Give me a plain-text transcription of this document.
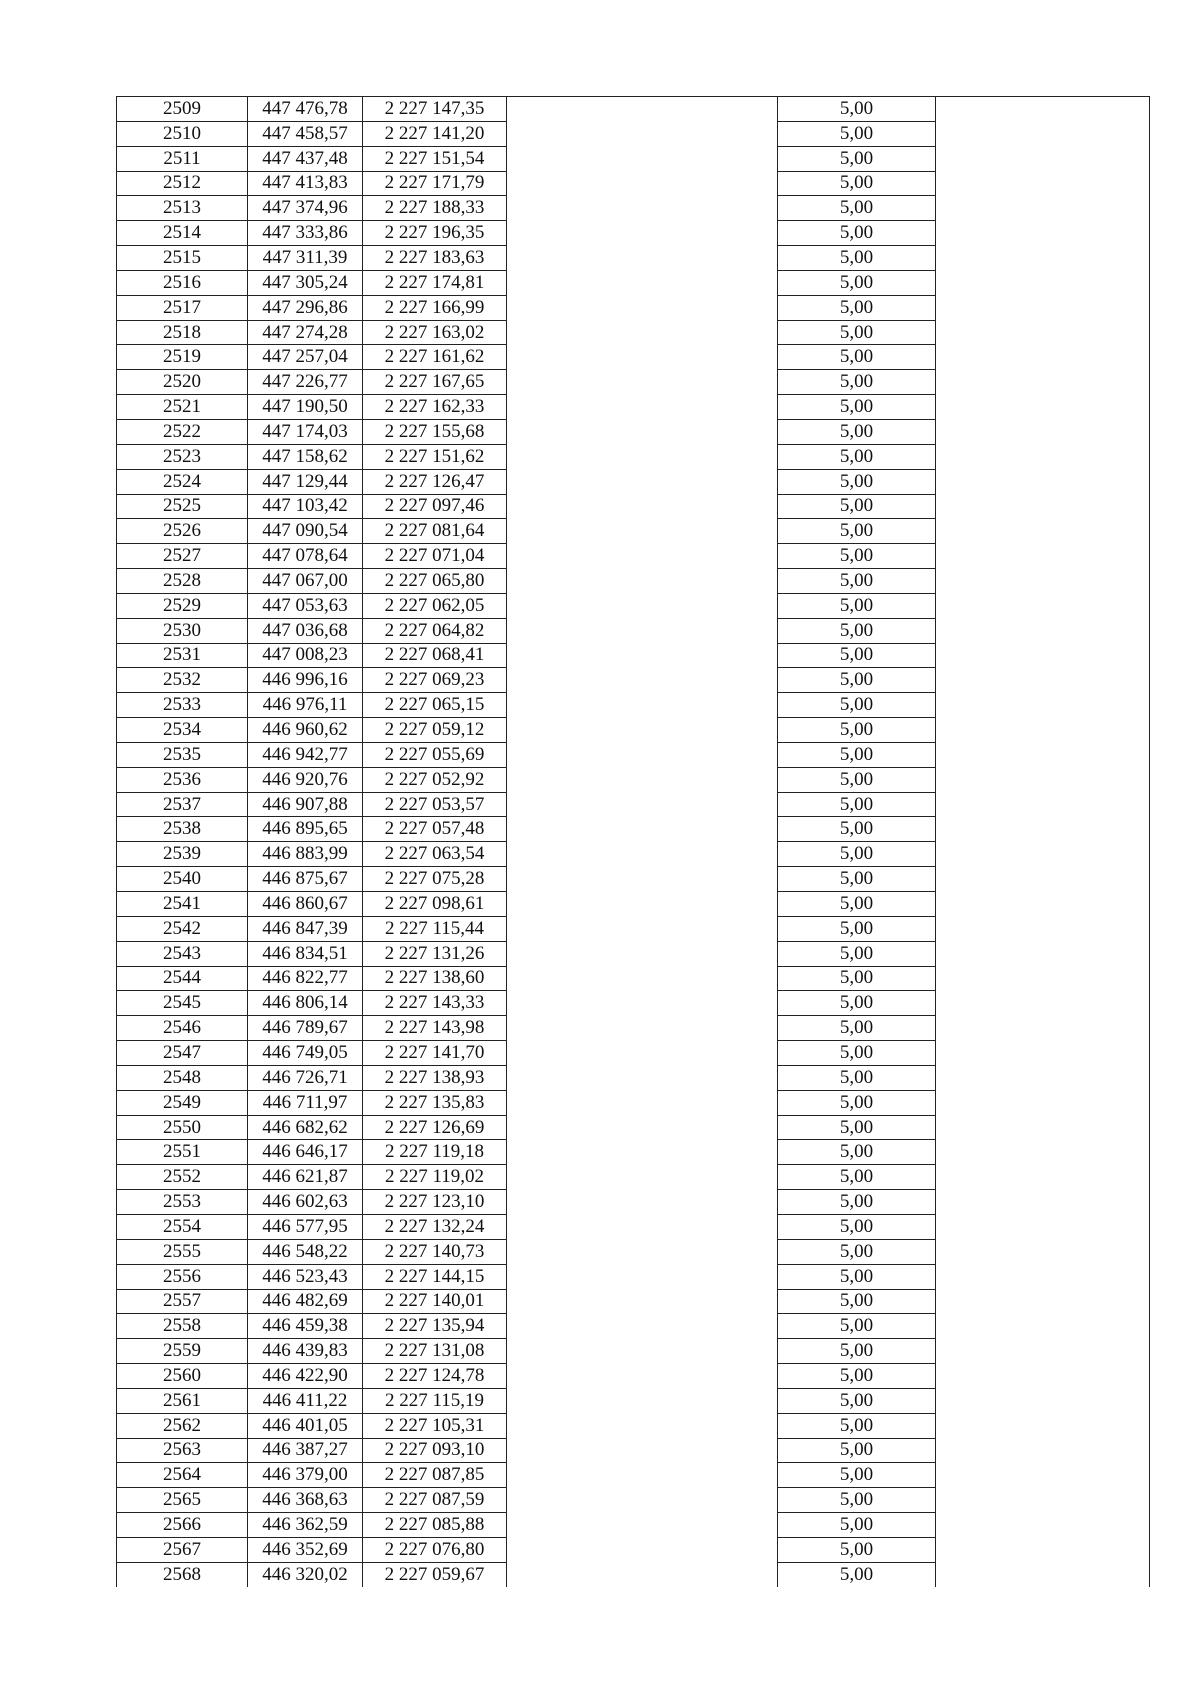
2509	447 476,78	2 227 147,35		5,00	
2510	447 458,57	2 227 141,20		5,00	
2511	447 437,48	2 227 151,54		5,00	
2512	447 413,83	2 227 171,79		5,00	
2513	447 374,96	2 227 188,33		5,00	
2514	447 333,86	2 227 196,35		5,00	
2515	447 311,39	2 227 183,63		5,00	
2516	447 305,24	2 227 174,81		5,00	
2517	447 296,86	2 227 166,99		5,00	
2518	447 274,28	2 227 163,02		5,00	
2519	447 257,04	2 227 161,62		5,00	
2520	447 226,77	2 227 167,65		5,00	
2521	447 190,50	2 227 162,33		5,00	
2522	447 174,03	2 227 155,68		5,00	
2523	447 158,62	2 227 151,62		5,00	
2524	447 129,44	2 227 126,47		5,00	
2525	447 103,42	2 227 097,46		5,00	
2526	447 090,54	2 227 081,64		5,00	
2527	447 078,64	2 227 071,04		5,00	
2528	447 067,00	2 227 065,80		5,00	
2529	447 053,63	2 227 062,05		5,00	
2530	447 036,68	2 227 064,82		5,00	
2531	447 008,23	2 227 068,41		5,00	
2532	446 996,16	2 227 069,23		5,00	
2533	446 976,11	2 227 065,15		5,00	
2534	446 960,62	2 227 059,12		5,00	
2535	446 942,77	2 227 055,69		5,00	
2536	446 920,76	2 227 052,92		5,00	
2537	446 907,88	2 227 053,57		5,00	
2538	446 895,65	2 227 057,48		5,00	
2539	446 883,99	2 227 063,54		5,00	
2540	446 875,67	2 227 075,28		5,00	
2541	446 860,67	2 227 098,61		5,00	
2542	446 847,39	2 227 115,44		5,00	
2543	446 834,51	2 227 131,26		5,00	
2544	446 822,77	2 227 138,60		5,00	
2545	446 806,14	2 227 143,33		5,00	
2546	446 789,67	2 227 143,98		5,00	
2547	446 749,05	2 227 141,70		5,00	
2548	446 726,71	2 227 138,93		5,00	
2549	446 711,97	2 227 135,83		5,00	
2550	446 682,62	2 227 126,69		5,00	
2551	446 646,17	2 227 119,18		5,00	
2552	446 621,87	2 227 119,02		5,00	
2553	446 602,63	2 227 123,10		5,00	
2554	446 577,95	2 227 132,24		5,00	
2555	446 548,22	2 227 140,73		5,00	
2556	446 523,43	2 227 144,15		5,00	
2557	446 482,69	2 227 140,01		5,00	
2558	446 459,38	2 227 135,94		5,00	
2559	446 439,83	2 227 131,08		5,00	
2560	446 422,90	2 227 124,78		5,00	
2561	446 411,22	2 227 115,19		5,00	
2562	446 401,05	2 227 105,31		5,00	
2563	446 387,27	2 227 093,10		5,00	
2564	446 379,00	2 227 087,85		5,00	
2565	446 368,63	2 227 087,59		5,00	
2566	446 362,59	2 227 085,88		5,00	
2567	446 352,69	2 227 076,80		5,00	
2568	446 320,02	2 227 059,67		5,00	
